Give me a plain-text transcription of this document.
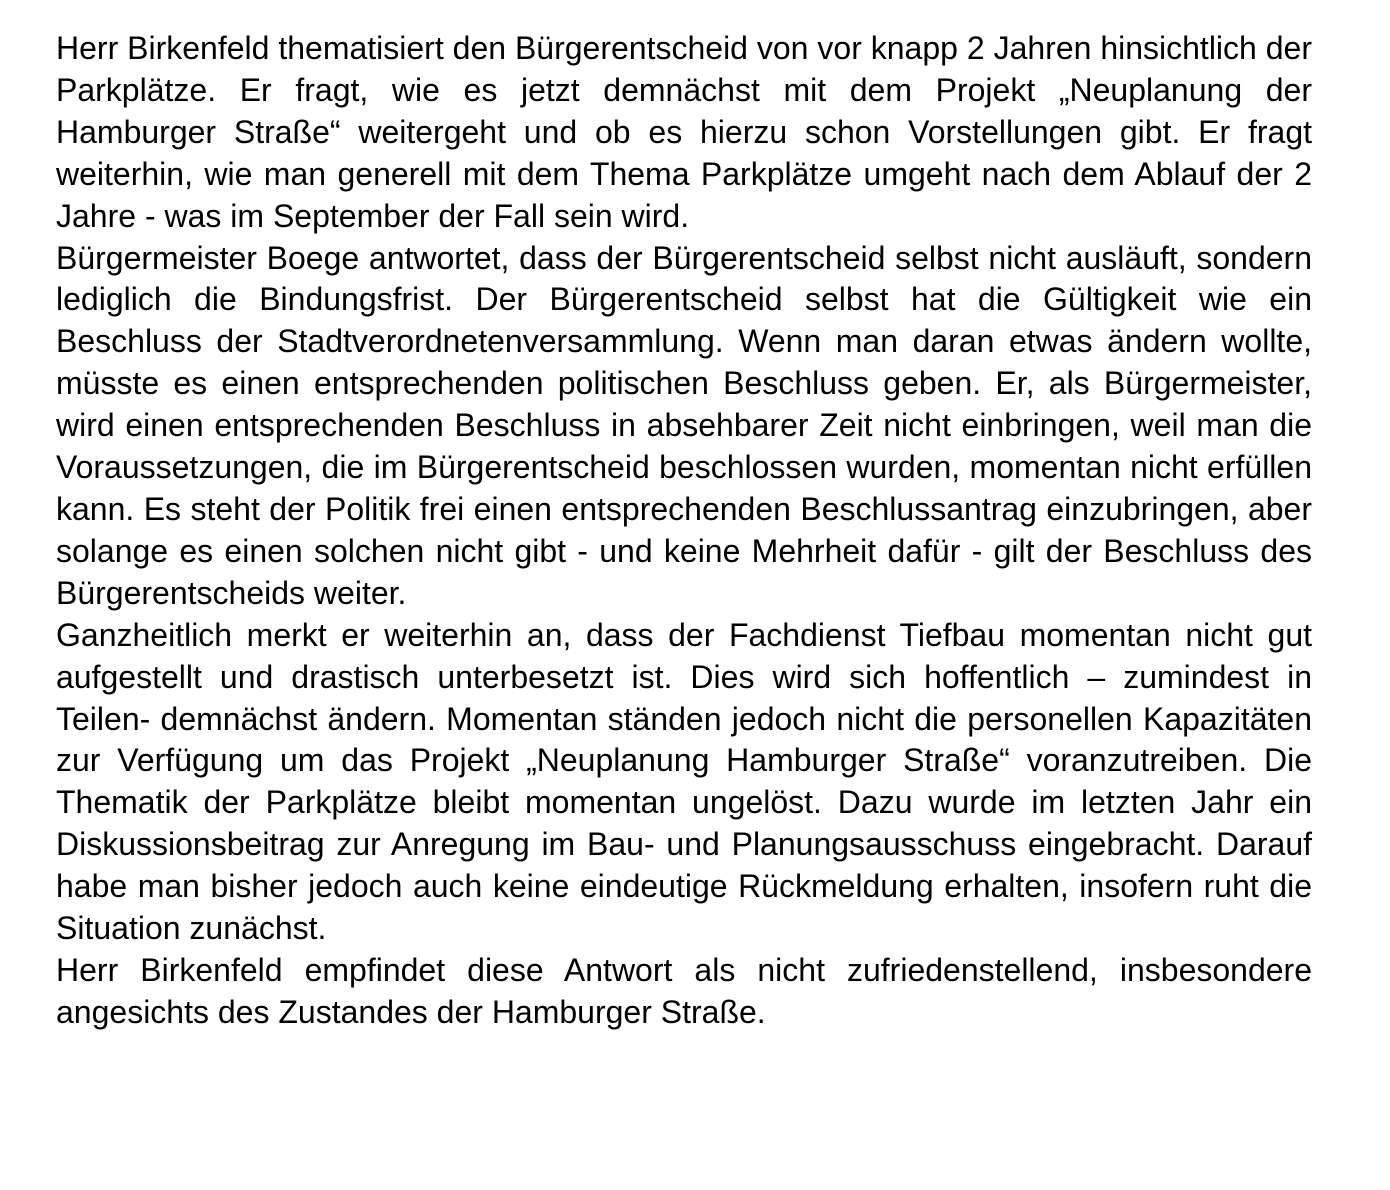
Herr Birkenfeld thematisiert den Bürgerentscheid von vor knapp 2 Jahren hinsichtlich der Parkplätze. Er fragt, wie es jetzt demnächst mit dem Projekt „Neuplanung der Hamburger Straße“ weitergeht und ob es hierzu schon Vorstellungen gibt. Er fragt weiterhin, wie man generell mit dem Thema Parkplätze umgeht nach dem Ablauf der 2 Jahre - was im September der Fall sein wird.

Bürgermeister Boege antwortet, dass der Bürgerentscheid selbst nicht ausläuft, sondern lediglich die Bindungsfrist. Der Bürgerentscheid selbst hat die Gültigkeit wie ein Beschluss der Stadtverordnetenversammlung. Wenn man daran etwas ändern wollte, müsste es einen entsprechenden politischen Beschluss geben. Er, als Bürgermeister, wird einen entsprechenden Beschluss in absehbarer Zeit nicht einbringen, weil man die Voraussetzungen, die im Bürgerentscheid beschlossen wurden, momentan nicht erfüllen kann. Es steht der Politik frei einen entsprechenden Beschlussantrag einzubringen, aber solange es einen solchen nicht gibt - und keine Mehrheit dafür - gilt der Beschluss des Bürgerentscheids weiter.

Ganzheitlich merkt er weiterhin an, dass der Fachdienst Tiefbau momentan nicht gut aufgestellt und drastisch unterbesetzt ist. Dies wird sich hoffentlich – zumindest in Teilen- demnächst ändern. Momentan ständen jedoch nicht die personellen Kapazitäten zur Verfügung um das Projekt „Neuplanung Hamburger Straße“ voranzutreiben. Die Thematik der Parkplätze bleibt momentan ungelöst. Dazu wurde im letzten Jahr ein Diskussionsbeitrag zur Anregung im Bau- und Planungsausschuss eingebracht. Darauf habe man bisher jedoch auch keine eindeutige Rückmeldung erhalten, insofern ruht die Situation zunächst.

Herr Birkenfeld empfindet diese Antwort als nicht zufriedenstellend, insbesondere angesichts des Zustandes der Hamburger Straße.
